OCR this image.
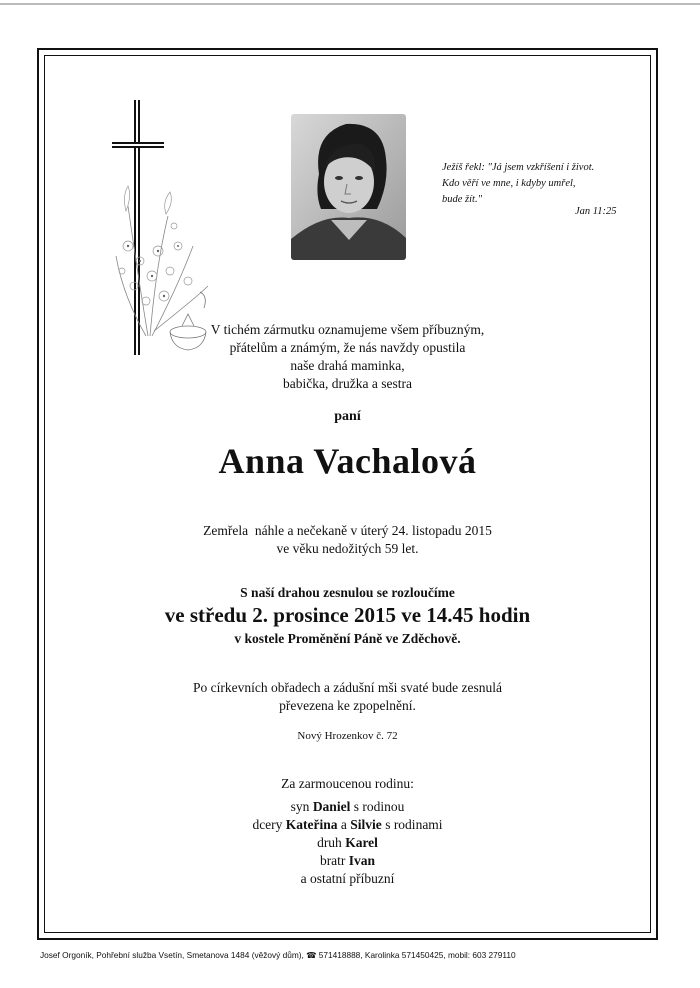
Ježíš řekl: "Já jsem vzkříšení i život.
Kdo věří ve mne, i kdyby umřel,
bude žít."
Jan 11:25
V tichém zármutku oznamujeme všem příbuzným,
přátelům a známým, že nás navždy opustila
naše drahá maminka,
babička, družka a sestra
paní
Anna Vachalová
Zemřela  náhle a nečekaně v úterý 24. listopadu 2015
ve věku nedožitých 59 let.
S naší drahou zesnulou se rozloučíme
ve středu 2. prosince 2015 ve 14.45 hodin
v kostele Proměnění Páně ve Zděchově.
Po církevních obřadech a zádušní mši svaté bude zesnulá
převezena ke zpopelnění.
Nový Hrozenkov č. 72
Za zarmoucenou rodinu:
syn Daniel s rodinou
dcery Kateřina a Silvie s rodinami
druh Karel
bratr Ivan
a ostatní příbuzní
Josef Orgoník, Pohřební služba Vsetín, Smetanova 1484 (věžový dům), ☎ 571418888, Karolinka 571450425, mobil: 603 279110
